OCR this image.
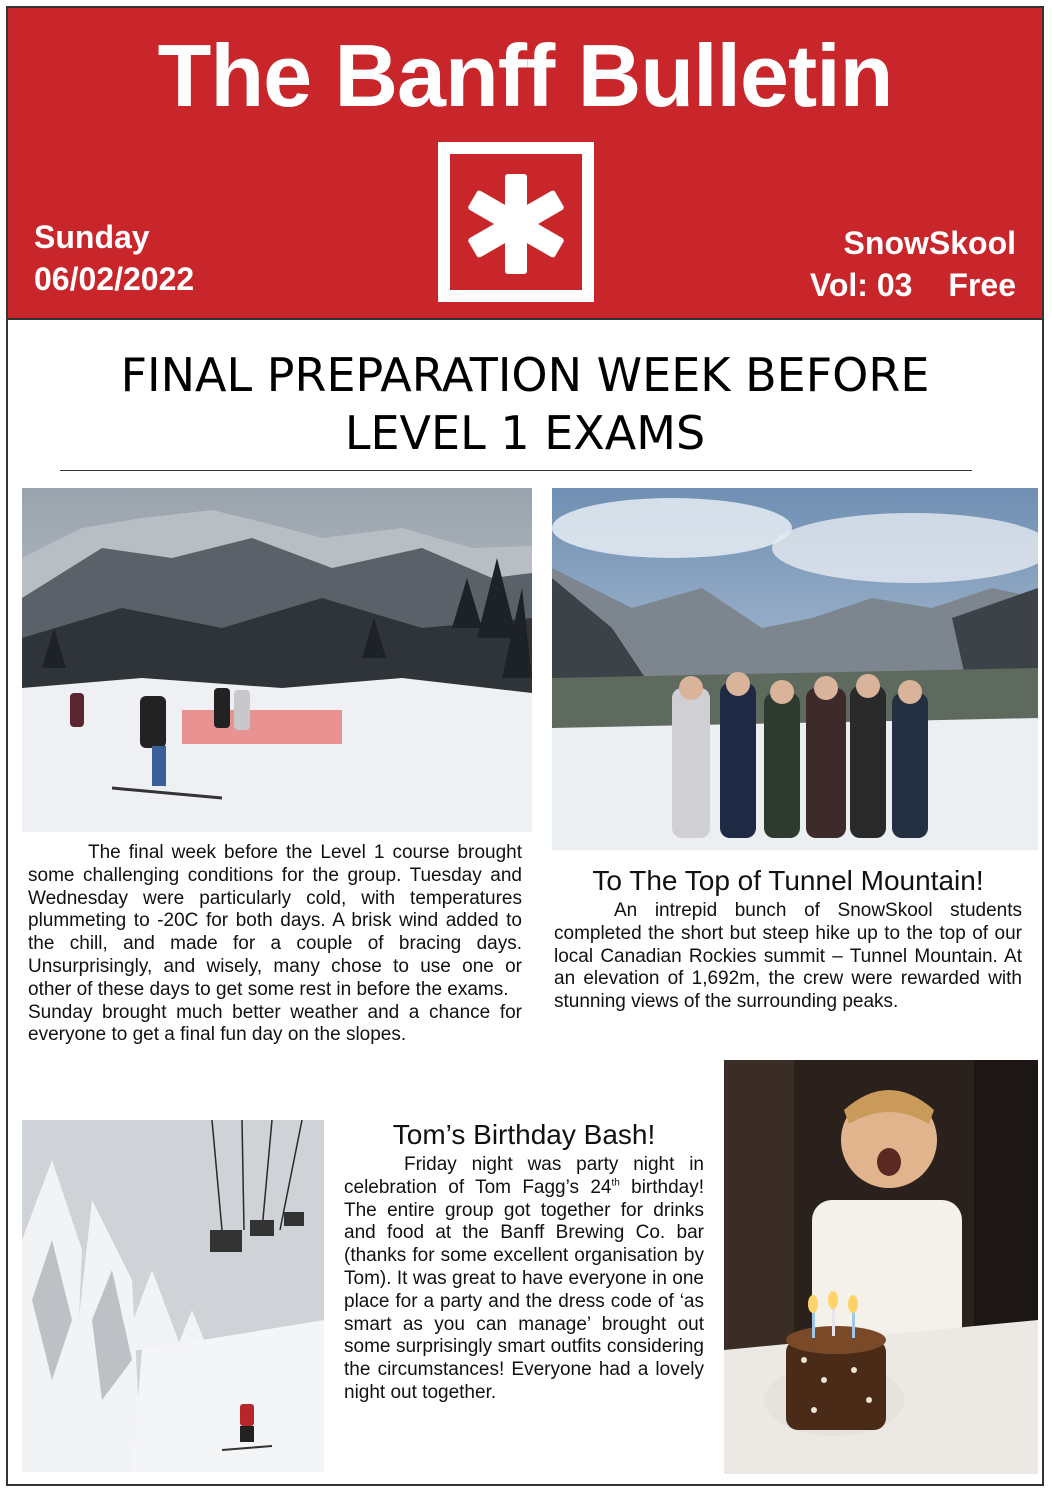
The Banff Bulletin
Sunday
06/02/2022
SnowSkool
Vol: 03 Free
FINAL PREPARATION WEEK BEFORE
LEVEL 1 EXAMS

The final week before the Level 1 course brought some challenging conditions for the group. Tuesday and Wednesday were particularly cold, with temperatures plummeting to -20C for both days. A brisk wind added to the chill, and made for a couple of bracing days. Unsurprisingly, and wisely, many chose to use one or other of these days to get some rest in before the exams.

Sunday brought much better weather and a chance for everyone to get a final fun day on the slopes.

To The Top of Tunnel Mountain!

An intrepid bunch of SnowSkool students completed the short but steep hike up to the top of our local Canadian Rockies summit – Tunnel Mountain. At an elevation of 1,692m, the crew were rewarded with stunning views of the surrounding peaks.

Tom’s Birthday Bash!

Friday night was party night in celebration of Tom Fagg’s 24th birthday! The entire group got together for drinks and food at the Banff Brewing Co. bar (thanks for some excellent organisation by Tom). It was great to have everyone in one place for a party and the dress code of ‘as smart as you can manage’ brought out some surprisingly smart outfits considering the circumstances! Everyone had a lovely night out together.
